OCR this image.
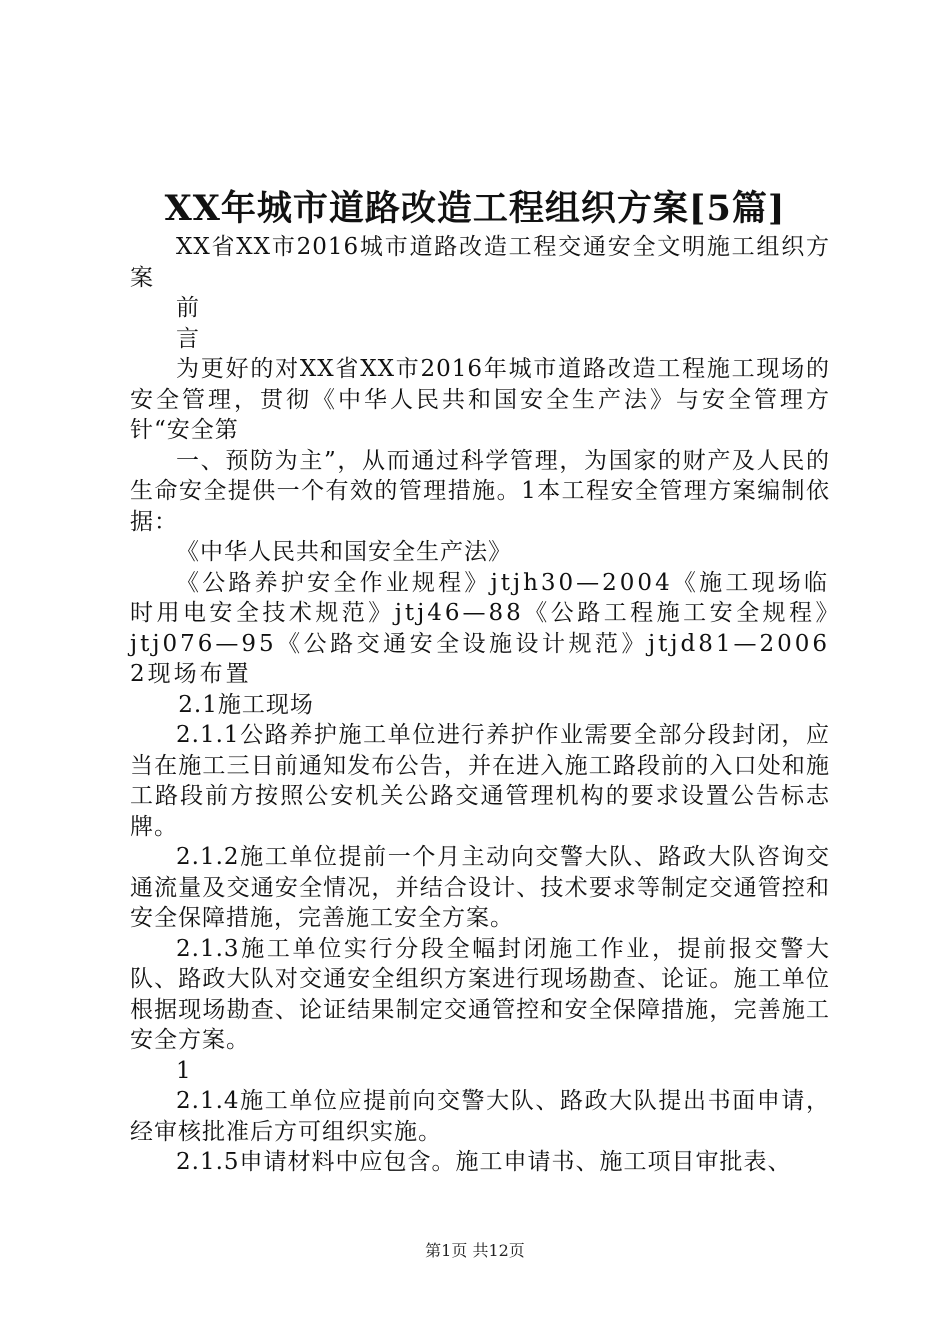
XX年城市道路改造工程组织方案[5篇]

XX省XX市2016城市道路改造工程交通安全文明施工组织方案

前

言

为更好的对XX省XX市2016年城市道路改造工程施工现场的安全管理，贯彻《中华人民共和国安全生产法》与安全管理方针“安全第

一、预防为主”，从而通过科学管理，为国家的财产及人民的生命安全提供一个有效的管理措施。1本工程安全管理方案编制依据：

《中华人民共和国安全生产法》

《公路养护安全作业规程》jtjh30—2004《施工现场临时用电安全技术规范》jtj46—88《公路工程施工安全规程》jtj076—95《公路交通安全设施设计规范》jtjd81—20062现场布置

2.1施工现场

2.1.1公路养护施工单位进行养护作业需要全部分段封闭，应当在施工三日前通知发布公告，并在进入施工路段前的入口处和施工路段前方按照公安机关公路交通管理机构的要求设置公告标志牌。

2.1.2施工单位提前一个月主动向交警大队、路政大队咨询交通流量及交通安全情况，并结合设计、技术要求等制定交通管控和安全保障措施，完善施工安全方案。

2.1.3施工单位实行分段全幅封闭施工作业，提前报交警大队、路政大队对交通安全组织方案进行现场勘查、论证。施工单位根据现场勘查、论证结果制定交通管控和安全保障措施，完善施工安全方案。

1

2.1.4施工单位应提前向交警大队、路政大队提出书面申请，经审核批准后方可组织实施。

2.1.5申请材料中应包含。施工申请书、施工项目审批表、

第1页 共12页
